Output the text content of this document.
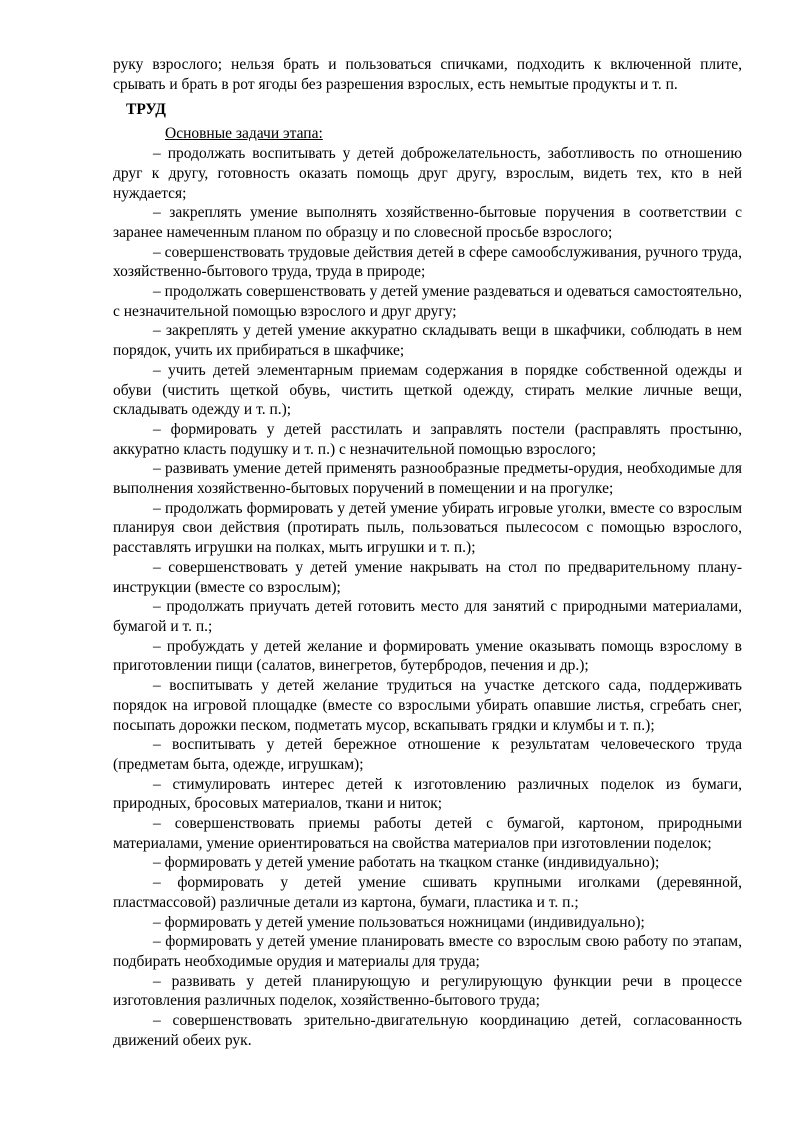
руку взрослого; нельзя брать и пользоваться спичками, подходить к включенной плите, срывать и брать в рот ягоды без разрешения взрослых, есть немытые продукты и т. п.

ТРУД
Основные задачи этапа:

– продолжать воспитывать у детей доброжелательность, заботливость по отношению друг к другу, готовность оказать помощь друг другу, взрослым, видеть тех, кто в ней нуждается;

– закреплять умение выполнять хозяйственно-бытовые поручения в соответствии с заранее намеченным планом по образцу и по словесной просьбе взрослого;

– совершенствовать трудовые действия детей в сфере самообслуживания, ручного труда, хозяйственно-бытового труда, труда в природе;

– продолжать совершенствовать у детей умение раздеваться и одеваться самостоятельно, с незначительной помощью взрослого и друг другу;

– закреплять у детей умение аккуратно складывать вещи в шкафчики, соблюдать в нем порядок, учить их прибираться в шкафчике;

– учить детей элементарным приемам содержания в порядке собственной одежды и обуви (чистить щеткой обувь, чистить щеткой одежду, стирать мелкие личные вещи, складывать одежду и т. п.);

– формировать у детей расстилать и заправлять постели (расправлять простыню, аккуратно класть подушку и т. п.) с незначительной помощью взрослого;

– развивать умение детей применять разнообразные предметы-орудия, необходимые для выполнения хозяйственно-бытовых поручений в помещении и на прогулке;

– продолжать формировать у детей умение убирать игровые уголки, вместе со взрослым планируя свои действия (протирать пыль, пользоваться пылесосом с помощью взрослого, расставлять игрушки на полках, мыть игрушки и т. п.);

– совершенствовать у детей умение накрывать на стол по предварительному плану-инструкции (вместе со взрослым);

– продолжать приучать детей готовить место для занятий с природными материалами, бумагой и т. п.;

– пробуждать у детей желание и формировать умение оказывать помощь взрослому в приготовлении пищи (салатов, винегретов, бутербродов, печения и др.);

– воспитывать у детей желание трудиться на участке детского сада, поддерживать порядок на игровой площадке (вместе со взрослыми убирать опавшие листья, сгребать снег, посыпать дорожки песком, подметать мусор, вскапывать грядки и клумбы и т. п.);

– воспитывать у детей бережное отношение к результатам человеческого труда (предметам быта, одежде, игрушкам);

– стимулировать интерес детей к изготовлению различных поделок из бумаги, природных, бросовых материалов, ткани и ниток;

– совершенствовать приемы работы детей с бумагой, картоном, природными материалами, умение ориентироваться на свойства материалов при изготовлении поделок;

– формировать у детей умение работать на ткацком станке (индивидуально);

– формировать у детей умение сшивать крупными иголками (деревянной, пластмассовой) различные детали из картона, бумаги, пластика и т. п.;

– формировать у детей умение пользоваться ножницами (индивидуально);

– формировать у детей умение планировать вместе со взрослым свою работу по этапам, подбирать необходимые орудия и материалы для труда;

– развивать у детей планирующую и регулирующую функции речи в процессе изготовления различных поделок, хозяйственно-бытового труда;

– совершенствовать зрительно-двигательную координацию детей, согласованность движений обеих рук.
